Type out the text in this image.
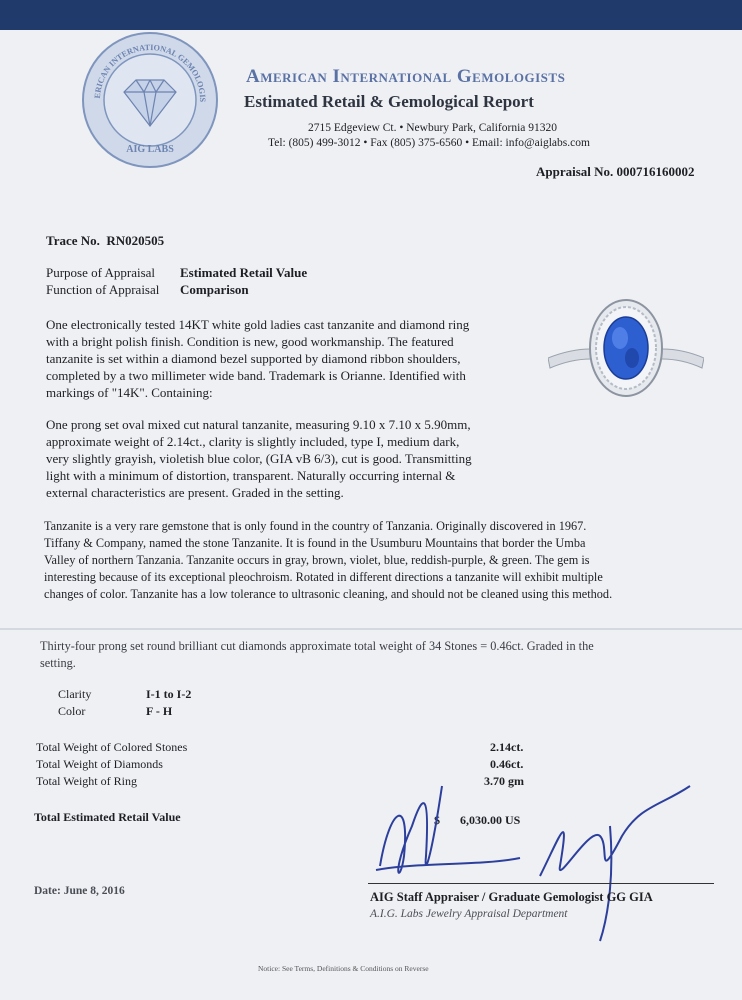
ERICAN INTERNATIONAL GEMOLOGIS
AIG LABS
American International Gemologists
Estimated Retail & Gemological Report
2715 Edgeview Ct. • Newbury Park, California 91320
Tel: (805) 499-3012 • Fax (805) 375-6560 • Email: info@aiglabs.com
Appraisal No. 000716160002
Trace No. RN020505
Purpose of Appraisal Estimated Retail Value
Function of Appraisal Comparison
One electronically tested 14KT white gold ladies cast tanzanite and diamond ring
with a bright polish finish. Condition is new, good workmanship. The featured
tanzanite is set within a diamond bezel supported by diamond ribbon shoulders,
completed by a two millimeter wide band. Trademark is Orianne. Identified with
markings of "14K". Containing:
One prong set oval mixed cut natural tanzanite, measuring 9.10 x 7.10 x 5.90mm,
approximate weight of 2.14ct., clarity is slightly included, type I, medium dark,
very slightly grayish, violetish blue color, (GIA vB 6/3), cut is good. Transmitting
light with a minimum of distortion, transparent. Naturally occurring internal &
external characteristics are present. Graded in the setting.
Tanzanite is a very rare gemstone that is only found in the country of Tanzania. Originally discovered in 1967.
Tiffany & Company, named the stone Tanzanite. It is found in the Usumburu Mountains that border the Umba
Valley of northern Tanzania. Tanzanite occurs in gray, brown, violet, blue, reddish-purple, & green. The gem is
interesting because of its exceptional pleochroism. Rotated in different directions a tanzanite will exhibit multiple
changes of color. Tanzanite has a low tolerance to ultrasonic cleaning, and should not be cleaned using this method.
Thirty-four prong set round brilliant cut diamonds approximate total weight of 34 Stones = 0.46ct. Graded in the
setting.
Clarity	I-1 to I-2
Color	F - H
Total Weight of Colored Stones	2.14ct.
Total Weight of Diamonds	0.46ct.
Total Weight of Ring	3.70 gm
Total Estimated Retail Value	$ 6,030.00 US
Date: June 8, 2016	AIG Staff Appraiser / Graduate Gemologist GG GIA
A.I.G. Labs Jewelry Appraisal Department
Notice: See Terms, Definitions & Conditions on Reverse
